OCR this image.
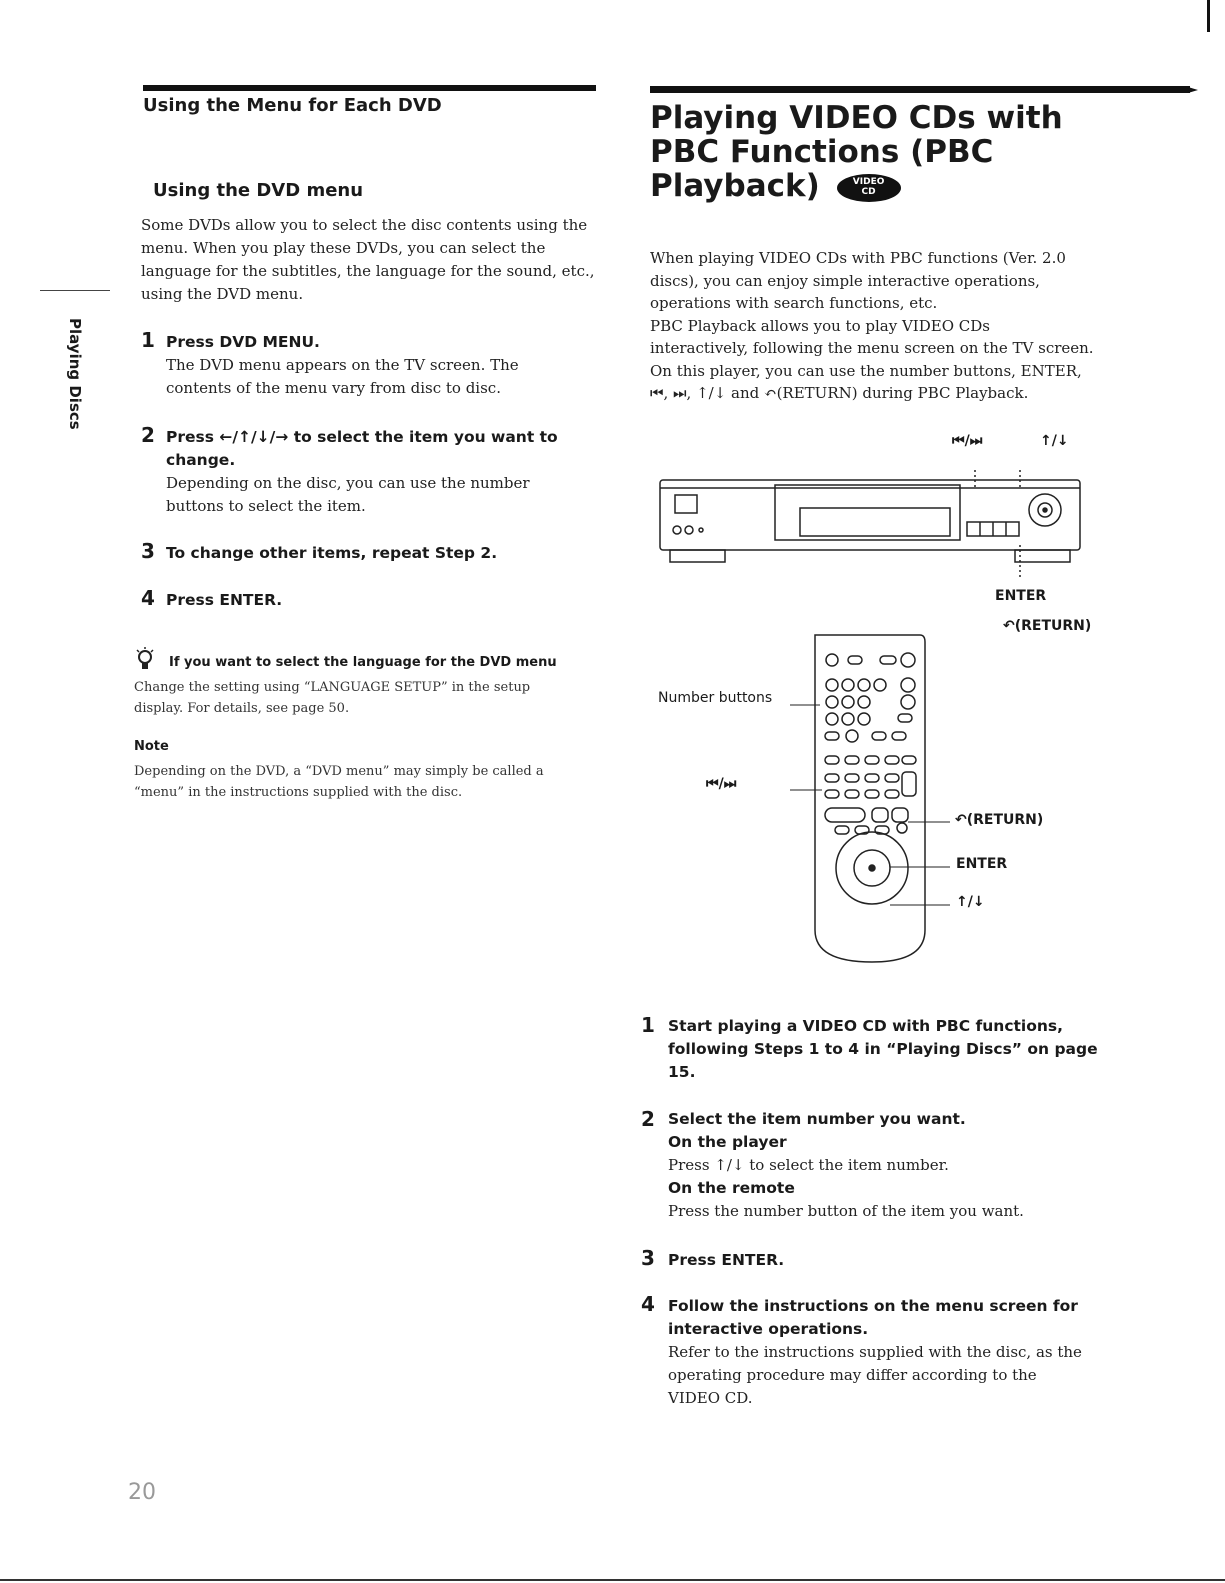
Playing Discs
Using the Menu for Each DVD
Using the DVD menu
Some DVDs allow you to select the disc contents using the
menu. When you play these DVDs, you can select the
language for the subtitles, the language for the sound, etc.,
using the DVD menu.
1 Press DVD MENU.
The DVD menu appears on the TV screen. The
contents of the menu vary from disc to disc.
2 Press ←/↑/↓/→ to select the item you want to
change.
Depending on the disc, you can use the number
buttons to select the item.
3 To change other items, repeat Step 2.
4 Press ENTER.
If you want to select the language for the DVD menu
Change the setting using “LANGUAGE SETUP” in the setup
display. For details, see page 50.
Note
Depending on the DVD, a “DVD menu” may simply be called a
“menu” in the instructions supplied with the disc.
20
Playing VIDEO CDs with
PBC Functions (PBC
Playback)	VIDEO
CD
When playing VIDEO CDs with PBC functions (Ver. 2.0
discs), you can enjoy simple interactive operations,
operations with search functions, etc.
PBC Playback allows you to play VIDEO CDs
interactively, following the menu screen on the TV screen.
On this player, you can use the number buttons, ENTER,
⏮, ⏭, ↑/↓ and ↶(RETURN) during PBC Playback.
⏮/⏭	↑/↓
ENTER
↶(RETURN)
Number buttons
⏮/⏭
↶(RETURN)
ENTER
↑/↓
1 Start playing a VIDEO CD with PBC functions,
following Steps 1 to 4 in “Playing Discs” on page
15.
2 Select the item number you want.
On the player
Press ↑/↓ to select the item number.
On the remote
Press the number button of the item you want.
3 Press ENTER.
4 Follow the instructions on the menu screen for
interactive operations.
Refer to the instructions supplied with the disc, as the
operating procedure may differ according to the
VIDEO CD.
